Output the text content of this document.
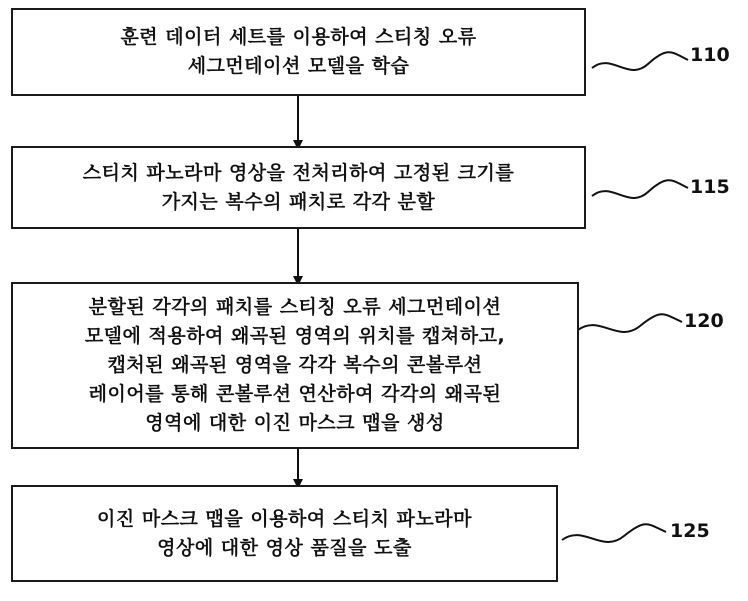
훈련 데이터 세트를 이용하여 스티칭 오류
세그먼테이션 모델을 학습	110
스티치 파노라마 영상을 전처리하여 고정된 크기를
가지는 복수의 패치로 각각 분할
115
분할된 각각의 패치를 스티칭 오류 세그먼테이션
모델에 적용하여 왜곡된 영역의 위치를 캡쳐하고,
캡처된 왜곡된 영역을 각각 복수의 콘볼루션
레이어를 통해 콘볼루션 연산하여 각각의 왜곡된
영역에 대한 이진 마스크 맵을 생성
120
이진 마스크 맵을 이용하여 스티치 파노라마
영상에 대한 영상 품질을 도출
125
